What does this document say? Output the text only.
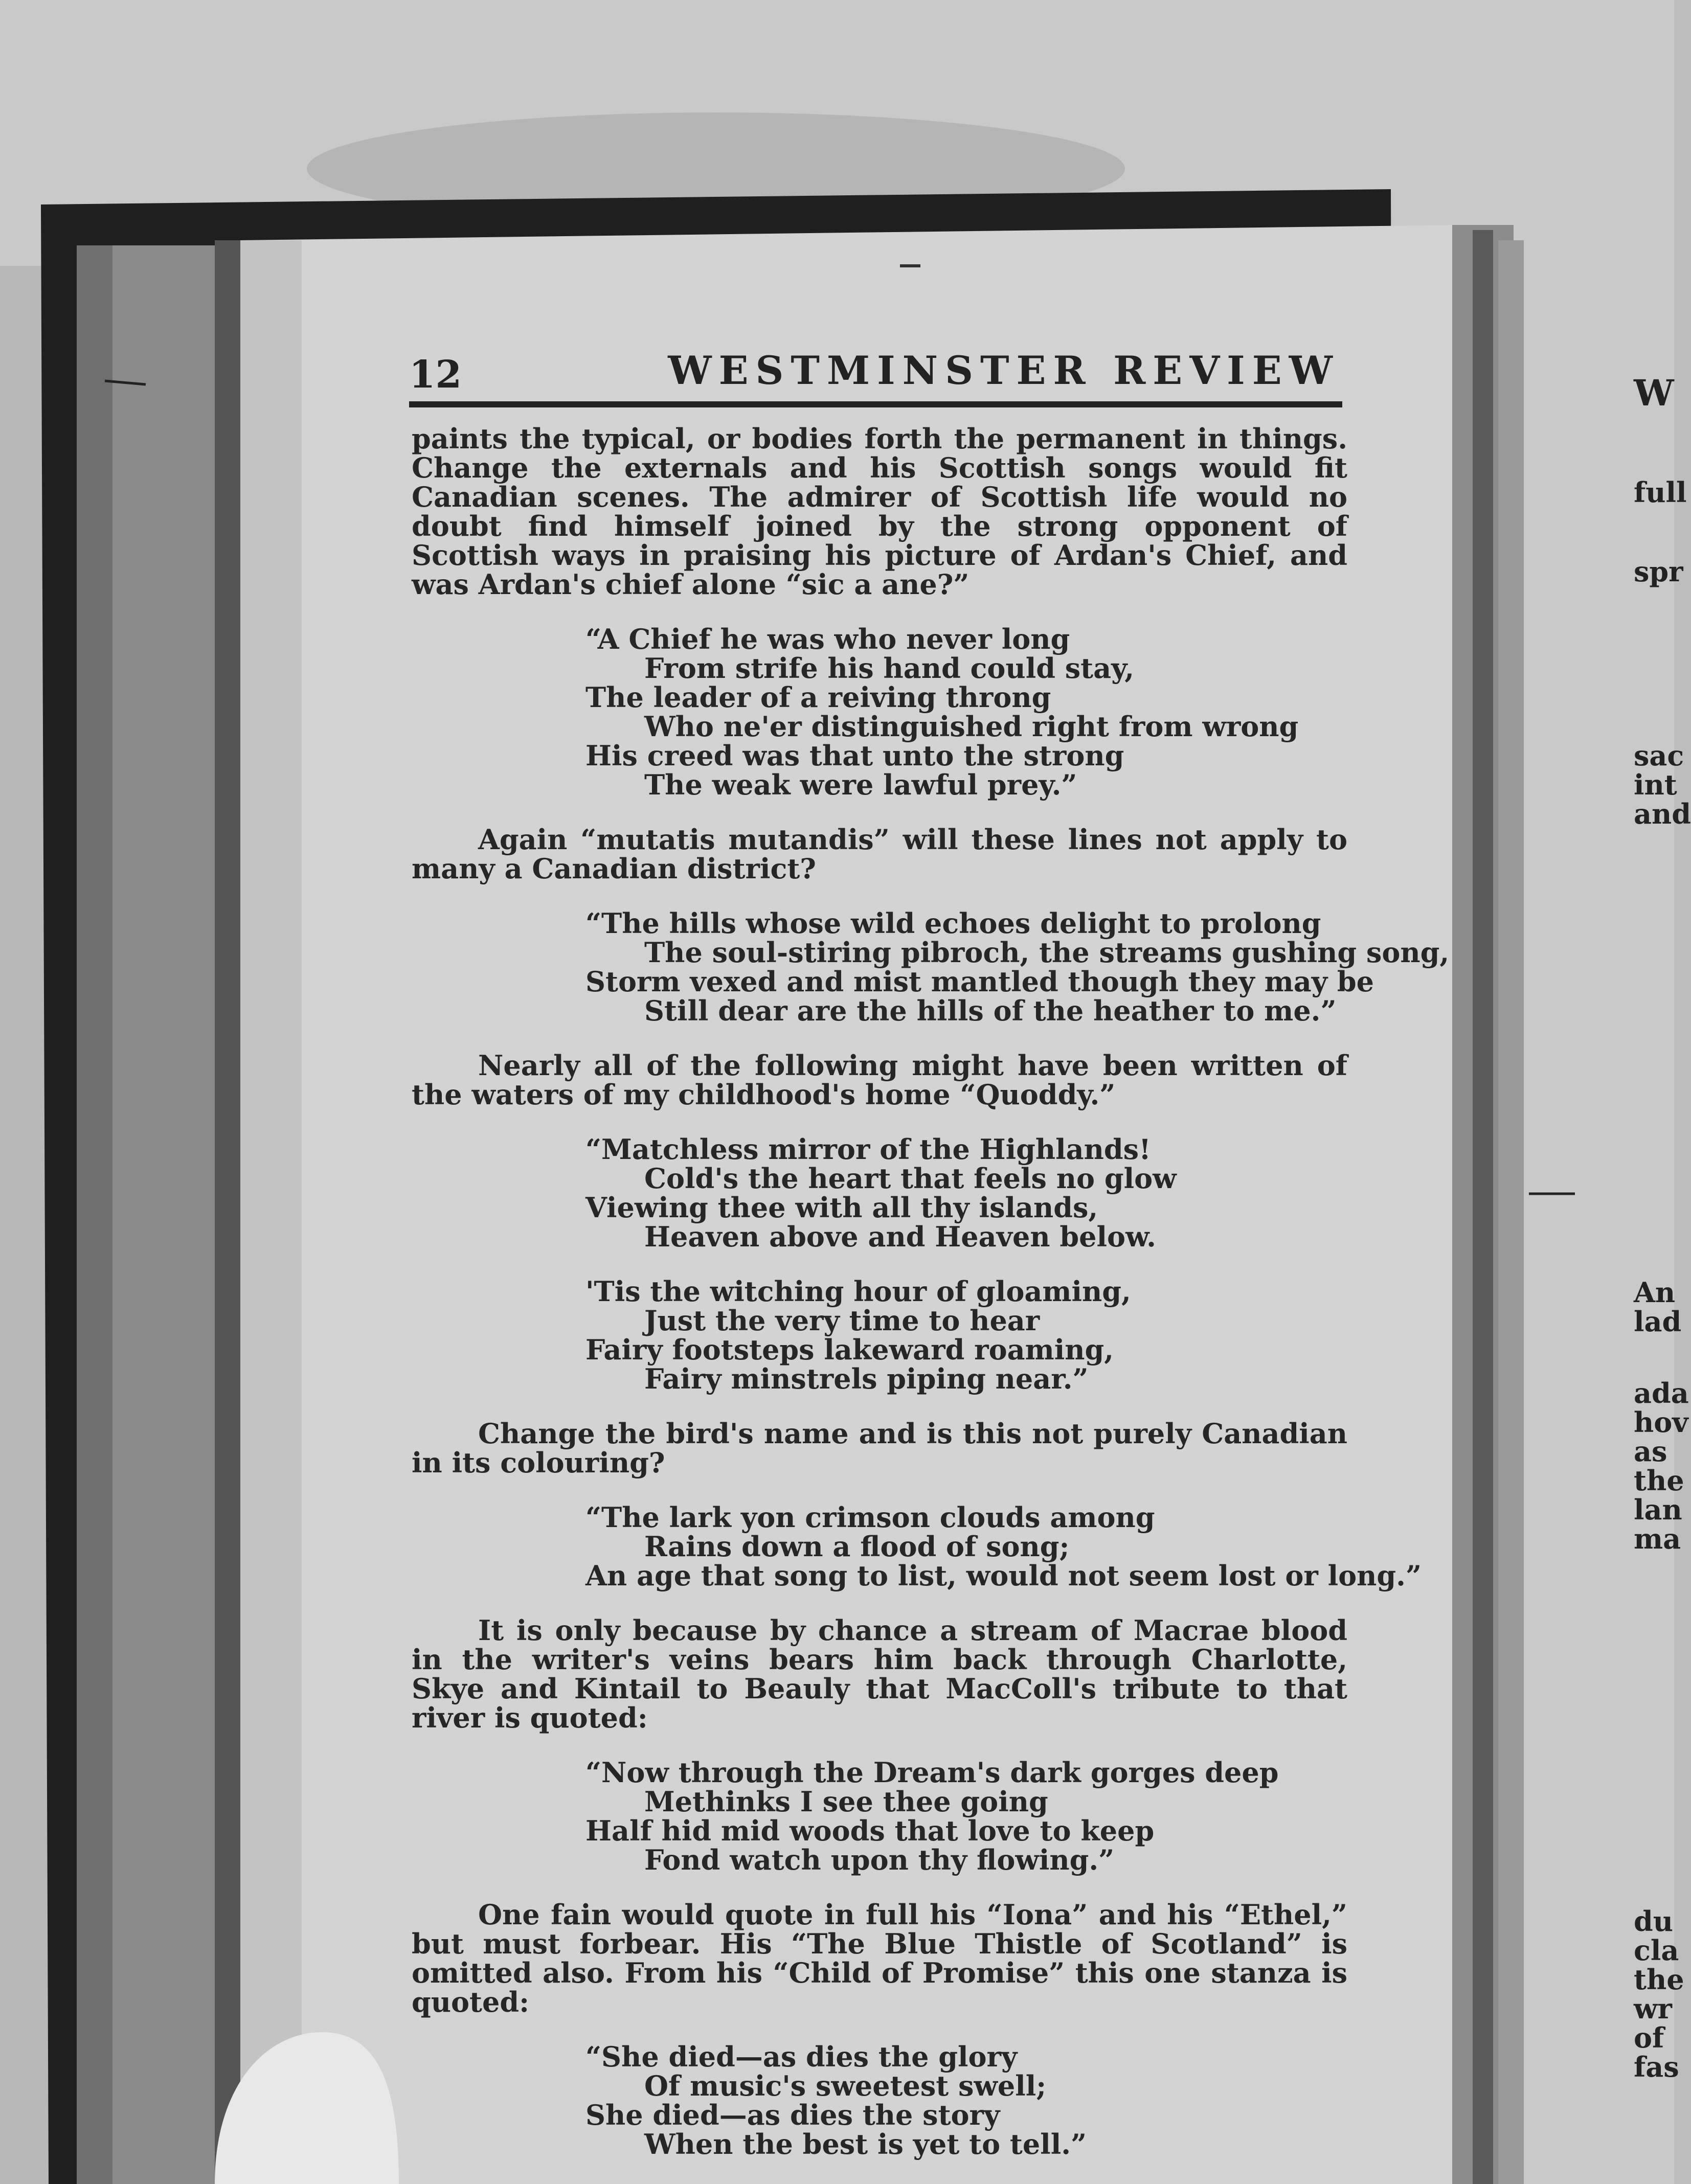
12	WESTMINSTER REVIEW

paints the typical, or bodies forth the permanent in things. Change the externals and his Scottish songs would fit Canadian scenes. The admirer of Scottish life would no doubt find himself joined by the strong opponent of Scottish ways in praising his picture of Ardan's Chief, and was Ardan's chief alone “sic a ane?”

“A Chief he was who never long
From strife his hand could stay,
The leader of a reiving throng
Who ne'er distinguished right from wrong
His creed was that unto the strong
The weak were lawful prey.”

Again “mutatis mutandis” will these lines not apply to many a Canadian district?

“The hills whose wild echoes delight to prolong
The soul-stiring pibroch, the streams gushing song,
Storm vexed and mist mantled though they may be
Still dear are the hills of the heather to me.”

Nearly all of the following might have been written of the waters of my childhood's home “Quoddy.”

“Matchless mirror of the Highlands!
Cold's the heart that feels no glow
Viewing thee with all thy islands,
Heaven above and Heaven below.
'Tis the witching hour of gloaming,
Just the very time to hear
Fairy footsteps lakeward roaming,
Fairy minstrels piping near.”

Change the bird's name and is this not purely Canadian in its colouring?

“The lark yon crimson clouds among
Rains down a flood of song;
An age that song to list, would not seem lost or long.”

It is only because by chance a stream of Macrae blood in the writer's veins bears him back through Charlotte, Skye and Kintail to Beauly that MacColl's tribute to that river is quoted:

“Now through the Dream's dark gorges deep
Methinks I see thee going
Half hid mid woods that love to keep
Fond watch upon thy flowing.”

One fain would quote in full his “Iona” and his “Ethel,” but must forbear. His “The Blue Thistle of Scotland” is omitted also. From his “Child of Promise” this one stanza is quoted:

“She died—as dies the glory
Of music's sweetest swell;
She died—as dies the story
When the best is yet to tell.”
W
full
spr
sac
int
and
An
lad
ada
hov
as
the
lan
ma
du
cla
the
wr
of
fas
